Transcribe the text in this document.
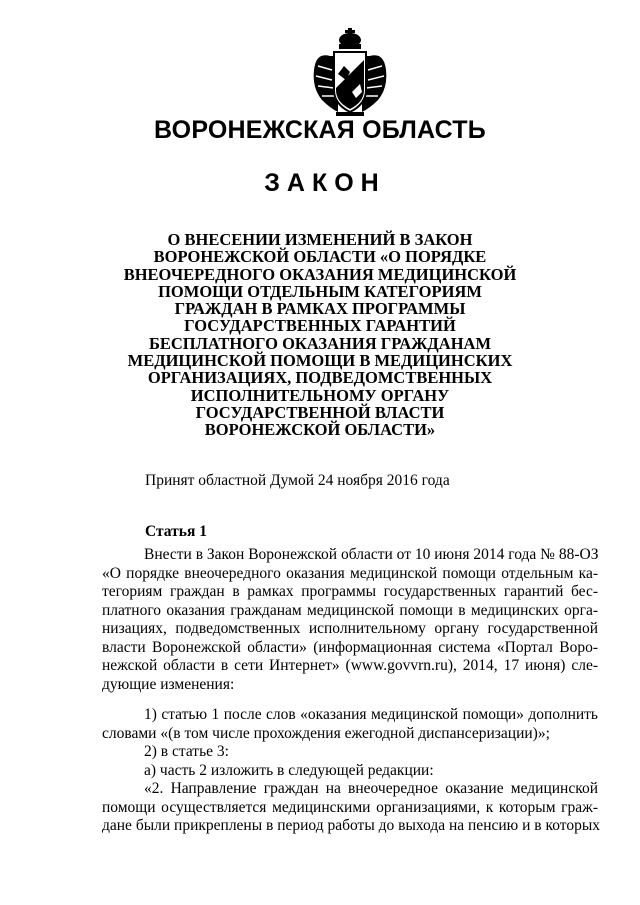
ВОРОНЕЖСКАЯ ОБЛАСТЬ
ЗАКОН
О ВНЕСЕНИИ ИЗМЕНЕНИЙ В ЗАКОН
ВОРОНЕЖСКОЙ ОБЛАСТИ «О ПОРЯДКЕ
ВНЕОЧЕРЕДНОГО ОКАЗАНИЯ МЕДИЦИНСКОЙ
ПОМОЩИ ОТДЕЛЬНЫМ КАТЕГОРИЯМ
ГРАЖДАН В РАМКАХ ПРОГРАММЫ
ГОСУДАРСТВЕННЫХ ГАРАНТИЙ
БЕСПЛАТНОГО ОКАЗАНИЯ ГРАЖДАНАМ
МЕДИЦИНСКОЙ ПОМОЩИ В МЕДИЦИНСКИХ
ОРГАНИЗАЦИЯХ, ПОДВЕДОМСТВЕННЫХ
ИСПОЛНИТЕЛЬНОМУ ОРГАНУ
ГОСУДАРСТВЕННОЙ ВЛАСТИ
ВОРОНЕЖСКОЙ ОБЛАСТИ»
Принят областной Думой 24 ноября 2016 года
Статья 1
Внести в Закон Воронежской области от 10 июня 2014 года № 88-ОЗ
«О порядке внеочередного оказания медицинской помощи отдельным ка-
тегориям граждан в рамках программы государственных гарантий бес-
платного оказания гражданам медицинской помощи в медицинских орга-
низациях, подведомственных исполнительному органу государственной
власти Воронежской области» (информационная система «Портал Воро-
нежской области в сети Интернет» (www.govvrn.ru), 2014, 17 июня) сле-
дующие изменения:
1) статью 1 после слов «оказания медицинской помощи» дополнить
словами «(в том числе прохождения ежегодной диспансеризации)»;
2) в статье 3:
а) часть 2 изложить в следующей редакции:
«2. Направление граждан на внеочередное оказание медицинской
помощи осуществляется медицинскими организациями, к которым граж-
дане были прикреплены в период работы до выхода на пенсию и в которых
